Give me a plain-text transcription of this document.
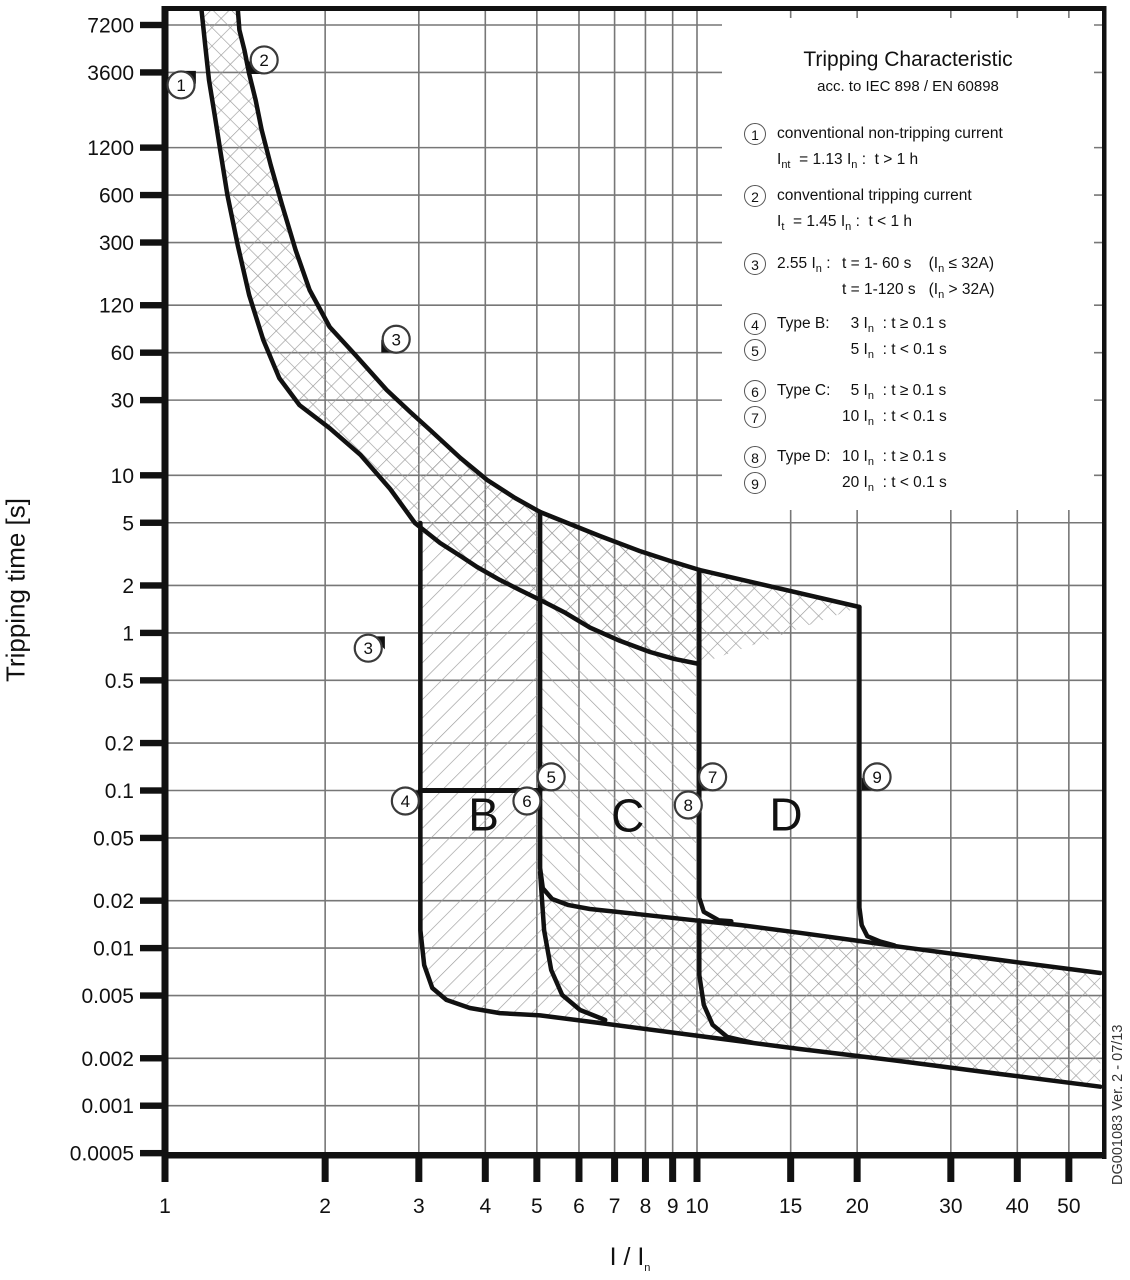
7200
3600
1200
600
300
120
60
30
10
5
2
1
0.5
0.2
0.1
0.05
0.02
0.01
0.005
0.002
0.001
0.0005
1	2	3	4 5 6 7 8 9 10	15 20	30 40 50
B C	D
1
2
3
3
4
5
6
7
8
9
DG001083 Ver. 2 - 07/13
Tripping Characteristic
acc. to IEC 898 / EN 60898
1	conventional non-tripping current
$I_{nt} = 1.13$ $I_n$ :  t > 1 h
2	conventional tripping current
$I_t = 1.45$ $I_n$ :  t < 1 h
3	2.55 $I_n$ : t = 1- 60 s    $(I_n \le 32A)$
t = 1-120 s   $(I_n > 32A)$
4	Type B: 3 $I_n$  : t ≥ 0.1 s
5	5 $I_n$  : t < 0.1 s
6	Type C: 5 $I_n$  : t ≥ 0.1 s
7	10 $I_n$  : t < 0.1 s
8	Type D: 10 $I_n$  : t ≥ 0.1 s
9	20 $I_n$  : t < 0.1 s
Tripping time [s]
I / $I_n$
